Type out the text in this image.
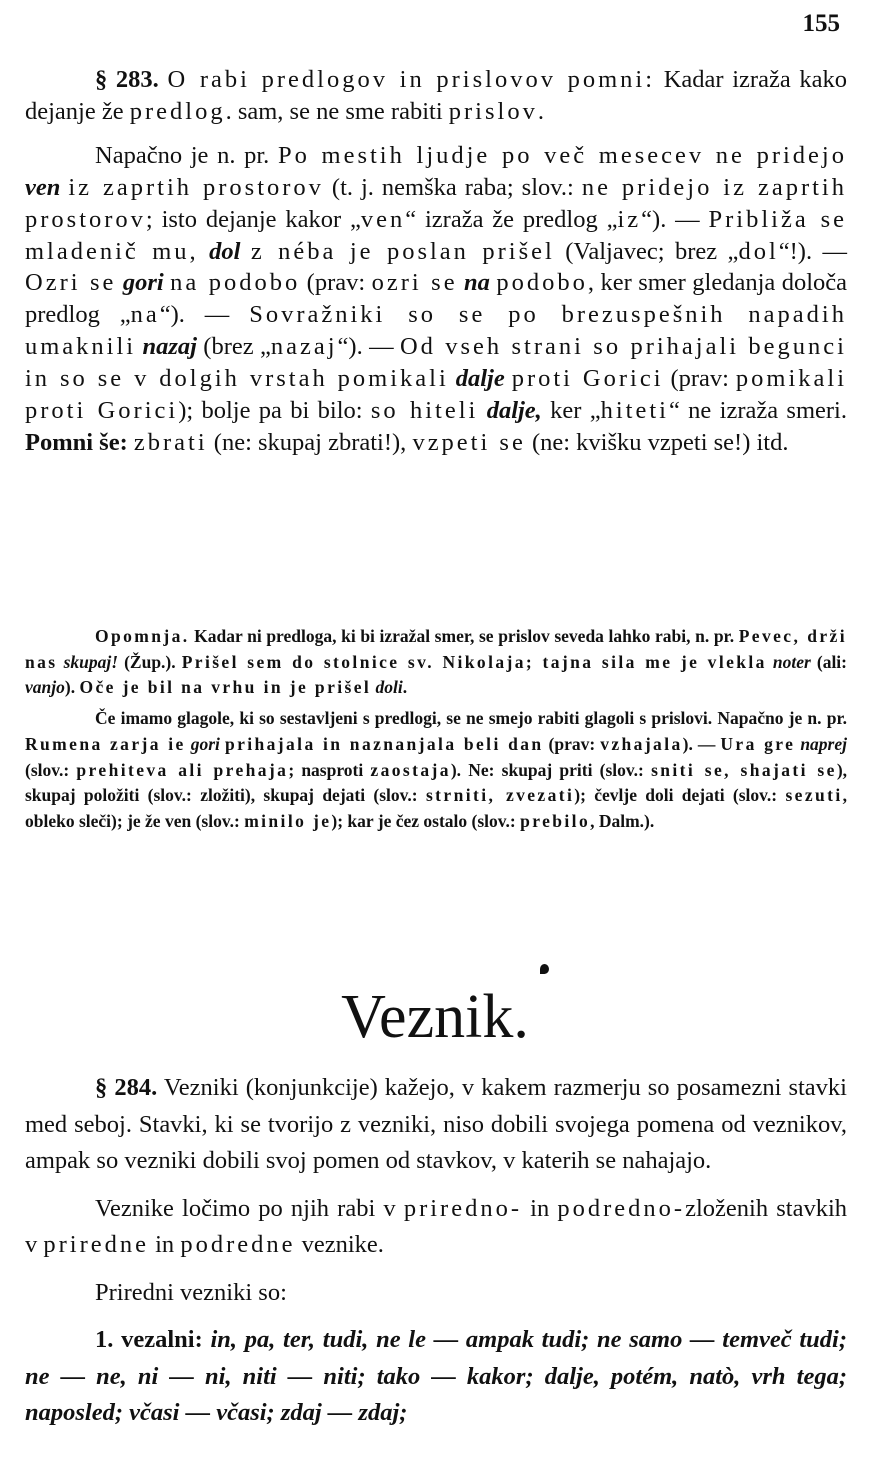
155

§ 283. O rabi predlogov in prislovov pomni: Kadar izraža kako dejanje že predlog. sam, se ne sme rabiti prislov.

Napačno je n. pr. Po mestih ljudje po več mesecev ne pridejo ven iz zaprtih prostorov (t. j. nemška raba; slov.: ne pridejo iz zaprtih prostorov; isto dejanje kakor „ven“ izraža že predlog „iz“). — Približa se mladenič mu, dol z néba je poslan prišel (Valjavec; brez „dol“!). — Ozri se gori na podobo (prav: ozri se na podobo, ker smer gledanja določa predlog „na“). — Sovražniki so se po brezuspešnih napadih umaknili nazaj (brez „nazaj“). — Od vseh strani so prihajali begunci in so se v dolgih vrstah pomikali dalje proti Gorici (prav: pomikali proti Gorici); bolje pa bi bilo: so hiteli dalje, ker „hiteti“ ne izraža smeri. Pomni še: zbrati (ne: skupaj zbrati!), vzpeti se (ne: kvišku vzpeti se!) itd.

Opomnja. Kadar ni predloga, ki bi izražal smer, se prislov seveda lahko rabi, n. pr. Pevec, drži nas skupaj! (Žup.). Prišel sem do stolnice sv. Nikolaja; tajna sila me je vlekla noter (ali: vanjo). Oče je bil na vrhu in je prišel doli.

Če imamo glagole, ki so sestavljeni s predlogi, se ne smejo rabiti glagoli s prislovi. Napačno je n. pr. Rumena zarja ie gori prihajala in naznanjala beli dan (prav: vzhajala). — Ura gre naprej (slov.: prehiteva ali prehaja; nasproti zaostaja). Ne: skupaj priti (slov.: sniti se, shajati se), skupaj položiti (slov.: zložiti), skupaj dejati (slov.: strniti, zvezati); čevlje doli dejati (slov.: sezuti, obleko sleči); je že ven (slov.: minilo je); kar je čez ostalo (slov.: prebilo, Dalm.).

Veznik.

§ 284. Vezniki (konjunkcije) kažejo, v kakem razmerju so posamezni stavki med seboj. Stavki, ki se tvorijo z vezniki, niso dobili svojega pomena od veznikov, ampak so vezniki dobili svoj pomen od stavkov, v katerih se nahajajo.

Veznike ločimo po njih rabi v priredno- in podredno-zloženih stavkih v priredne in podredne veznike.

Priredni vezniki so:

1. vezalni: in, pa, ter, tudi, ne le — ampak tudi; ne samo — temveč tudi; ne — ne, ni — ni, niti — niti; tako — kakor; dalje, potém, natò, vrh tega; naposled; včasi — včasi; zdaj — zdaj;
